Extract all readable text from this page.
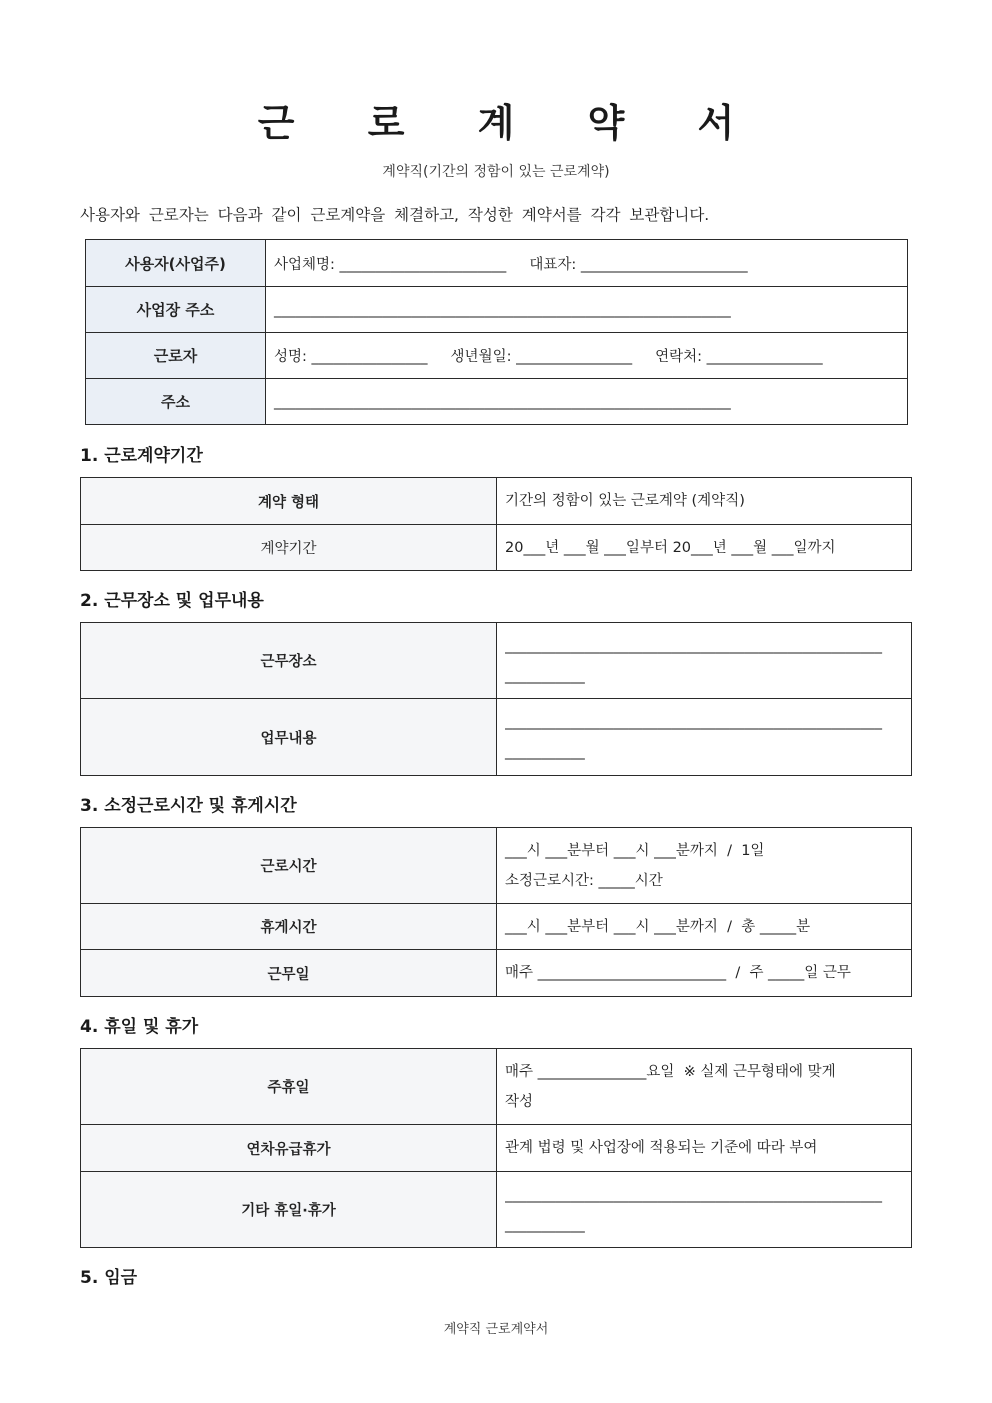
근 로 계 약 서
계약직(기간의 정함이 있는 근로계약)
사용자와 근로자는 다음과 같이 근로계약을 체결하고, 작성한 계약서를 각각 보관합니다.
사용자(사업주)	사업체명: _______________________     대표자: _______________________
사업장 주소	_______________________________________________________________
근로자	성명: ________________     생년월일: ________________     연락처: ________________
주소	_______________________________________________________________
1. 근로계약기간
계약 형태	기간의 정함이 있는 근로계약 (계약직)
계약기간	20___년 ___월 ___일부터 20___년 ___월 ___일까지
2. 근무장소 및 업무내용
근무장소	____________________________________________________
___________

업무내용	____________________________________________________
___________
3. 소정근로시간 및 휴게시간
근로시간	___시 ___분부터 ___시 ___분까지  /  1일
소정근로시간: _____시간

휴게시간	___시 ___분부터 ___시 ___분까지  /  총 _____분
근무일	매주 __________________________  /  주 _____일 근무
4. 휴일 및 휴가
주휴일	매주 _______________요일  ※ 실제 근무형태에 맞게
작성

연차유급휴가	관계 법령 및 사업장에 적용되는 기준에 따라 부여
기타 휴일·휴가	____________________________________________________
___________
5. 임금
계약직 근로계약서
